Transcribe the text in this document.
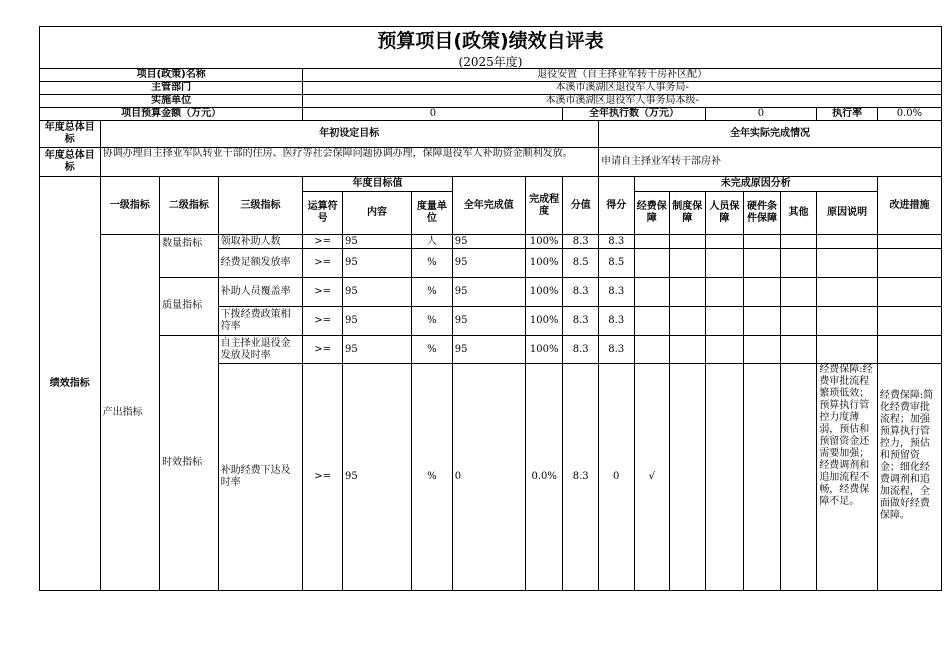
预算项目(政策)绩效自评表																	
(2025年度)																	
项目(政策)名称				退役安置（自主择业军转干房补区配）													
主管部门				本溪市溪湖区退役军人事务局-													
实施单位				本溪市溪湖区退役军人事务局本级-													
项目预算金额（万元）				0					全年执行数（万元）				0			执行率	0.0%
年度总体目标	年初设定目标									全年实际完成情况							
年度总体目标	协调办理自主择业军队转业干部的住房、医疗等社会保障问题协调办理，保障退役军人补助资金顺利发放。									申请自主择业军转干部房补							
绩效指标	一级指标	二级指标	三级指标	年度目标值			全年完成值	完成程度	分值	得分	未完成原因分析						改进措施
				运算符号	内容	度量单位					经费保障	制度保障	人员保障	硬件条件保障	其他	原因说明	
	产出指标	数量指标	领取补助人数	>=	95	人	95	100%	8.3	8.3							
			经费足额发放率	>=	95	%	95	100%	8.5	8.5							
		质量指标	补助人员覆盖率	>=	95	%	95	100%	8.3	8.3							
			下拨经费政策相符率	>=	95	%	95	100%	8.3	8.3							
		时效指标	自主择业退役金发放及时率	>=	95	%	95	100%	8.3	8.3							
			补助经费下达及时率	>=	95	%	0	0.0%	8.3	0	√					经费保障:经费审批流程繁琐低效；预算执行管控力度薄弱，预估和预留资金还需要加强；经费调剂和追加流程不畅，经费保障不足。	经费保障:简化经费审批流程；加强预算执行管控力，预估和预留资金；细化经费调剂和追加流程，全面做好经费保障。
